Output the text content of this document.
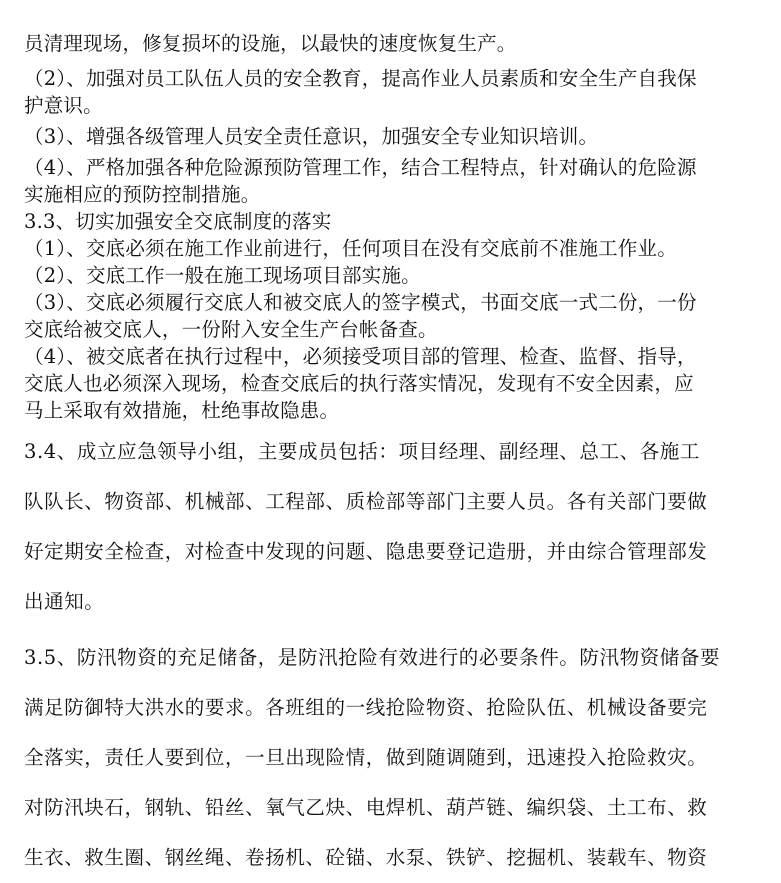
员清理现场，修复损坏的设施，以最快的速度恢复生产。

（2）、加强对员工队伍人员的安全教育，提高作业人员素质和安全生产自我保

护意识。

（3）、增强各级管理人员安全责任意识，加强安全专业知识培训。

（4）、严格加强各种危险源预防管理工作，结合工程特点，针对确认的危险源

实施相应的预防控制措施。

3.3、切实加强安全交底制度的落实

（1）、交底必须在施工作业前进行，任何项目在没有交底前不准施工作业。

（2）、交底工作一般在施工现场项目部实施。

（3）、交底必须履行交底人和被交底人的签字模式，书面交底一式二份，一份

交底给被交底人，一份附入安全生产台帐备查。

（4）、被交底者在执行过程中，必须接受项目部的管理、检查、监督、指导，

交底人也必须深入现场，检查交底后的执行落实情况，发现有不安全因素，应

马上采取有效措施，杜绝事故隐患。

3.4、成立应急领导小组，主要成员包括：项目经理、副经理、总工、各施工

队队长、物资部、机械部、工程部、质检部等部门主要人员。各有关部门要做

好定期安全检查，对检查中发现的问题、隐患要登记造册，并由综合管理部发

出通知。

3.5、防汛物资的充足储备，是防汛抢险有效进行的必要条件。防汛物资储备要

满足防御特大洪水的要求。各班组的一线抢险物资、抢险队伍、机械设备要完

全落实，责任人要到位，一旦出现险情，做到随调随到，迅速投入抢险救灾。

对防汛块石，钢轨、铅丝、氧气乙炔、电焊机、葫芦链、编织袋、土工布、救

生衣、救生圈、钢丝绳、卷扬机、砼锚、水泵、铁铲、挖掘机、装载车、物资
